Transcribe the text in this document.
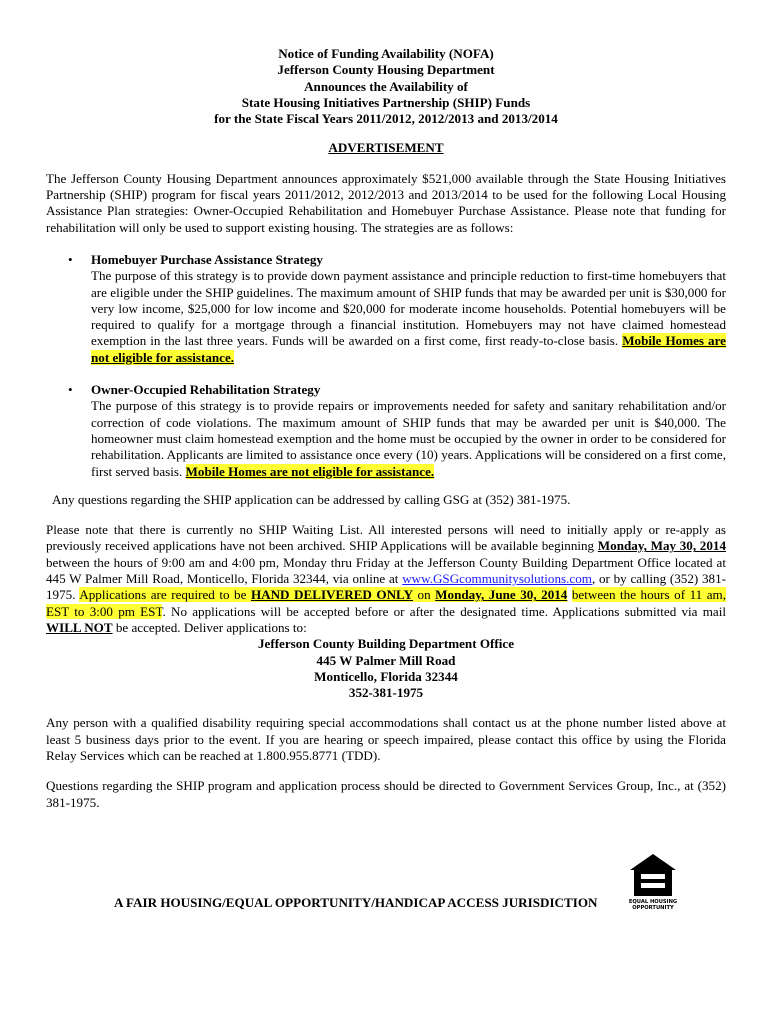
Notice of Funding Availability (NOFA)
Jefferson County Housing Department
Announces the Availability of
State Housing Initiatives Partnership (SHIP) Funds
for the State Fiscal Years 2011/2012, 2012/2013 and 2013/2014
ADVERTISEMENT
The Jefferson County Housing Department announces approximately $521,000 available through the State Housing Initiatives Partnership (SHIP) program for fiscal years 2011/2012, 2012/2013 and 2013/2014 to be used for the following Local Housing Assistance Plan strategies: Owner-Occupied Rehabilitation and Homebuyer Purchase Assistance. Please note that funding for rehabilitation will only be used to support existing housing. The strategies are as follows:
• Homebuyer Purchase Assistance Strategy
The purpose of this strategy is to provide down payment assistance and principle reduction to first-time homebuyers that are eligible under the SHIP guidelines. The maximum amount of SHIP funds that may be awarded per unit is $30,000 for very low income, $25,000 for low income and $20,000 for moderate income households. Potential homebuyers will be required to qualify for a mortgage through a financial institution. Homebuyers may not have claimed homestead exemption in the last three years. Funds will be awarded on a first come, first ready-to-close basis. Mobile Homes are not eligible for assistance.
• Owner-Occupied Rehabilitation Strategy
The purpose of this strategy is to provide repairs or improvements needed for safety and sanitary rehabilitation and/or correction of code violations. The maximum amount of SHIP funds that may be awarded per unit is $40,000. The homeowner must claim homestead exemption and the home must be occupied by the owner in order to be considered for rehabilitation. Applicants are limited to assistance once every (10) years. Applications will be considered on a first come, first served basis. Mobile Homes are not eligible for assistance.
Any questions regarding the SHIP application can be addressed by calling GSG at (352) 381-1975.
Please note that there is currently no SHIP Waiting List. All interested persons will need to initially apply or re-apply as previously received applications have not been archived. SHIP Applications will be available beginning Monday, May 30, 2014 between the hours of 9:00 am and 4:00 pm, Monday thru Friday at the Jefferson County Building Department Office located at 445 W Palmer Mill Road, Monticello, Florida 32344, via online at www.GSGcommunitysolutions.com, or by calling (352) 381-1975. Applications are required to be HAND DELIVERED ONLY on Monday, June 30, 2014 between the hours of 11 am, EST to 3:00 pm EST. No applications will be accepted before or after the designated time. Applications submitted via mail WILL NOT be accepted. Deliver applications to:
Jefferson County Building Department Office
445 W Palmer Mill Road
Monticello, Florida 32344
352-381-1975
Any person with a qualified disability requiring special accommodations shall contact us at the phone number listed above at least 5 business days prior to the event. If you are hearing or speech impaired, please contact this office by using the Florida Relay Services which can be reached at 1.800.955.8771 (TDD).
Questions regarding the SHIP program and application process should be directed to Government Services Group, Inc., at (352) 381-1975.
A FAIR HOUSING/EQUAL OPPORTUNITY/HANDICAP ACCESS JURISDICTION	EQUAL HOUSING
OPPORTUNITY
